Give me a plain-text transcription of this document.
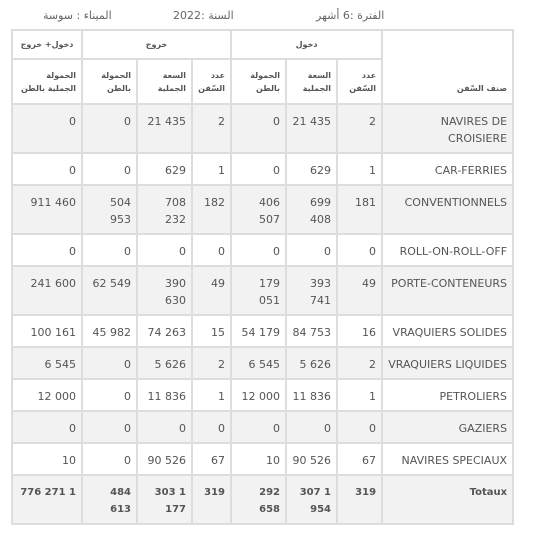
الفترة :6 أشهر
السنة :2022
الميناء : سوسة
دخول+ خروج	خروج			دخول			صنف السّفن
الحمولة الجملية بالطن	الحمولة بالطن	السعة الجملية	عدد السّفن	الحمولة بالطن	السعة الجملية	عدد السّفن	
0	0	21 435	2	0	21 435	2	NAVIRES DE CROISIERE
0	0	629	1	0	629	1	CAR-FERRIES
911 460	504 953	708 232	182	406 507	699 408	181	CONVENTIONNELS
0	0	0	0	0	0	0	ROLL-ON-ROLL-OFF
241 600	62 549	390 630	49	179 051	393 741	49	PORTE-CONTENEURS
100 161	45 982	74 263	15	54 179	84 753	16	VRAQUIERS SOLIDES
6 545	0	5 626	2	6 545	5 626	2	VRAQUIERS LIQUIDES
12 000	0	11 836	1	12 000	11 836	1	PETROLIERS
0	0	0	0	0	0	0	GAZIERS
10	0	90 526	67	10	90 526	67	NAVIRES SPECIAUX
776 271 1	484 613	303 1 177	319	292 658	307 1 954	319	Totaux
